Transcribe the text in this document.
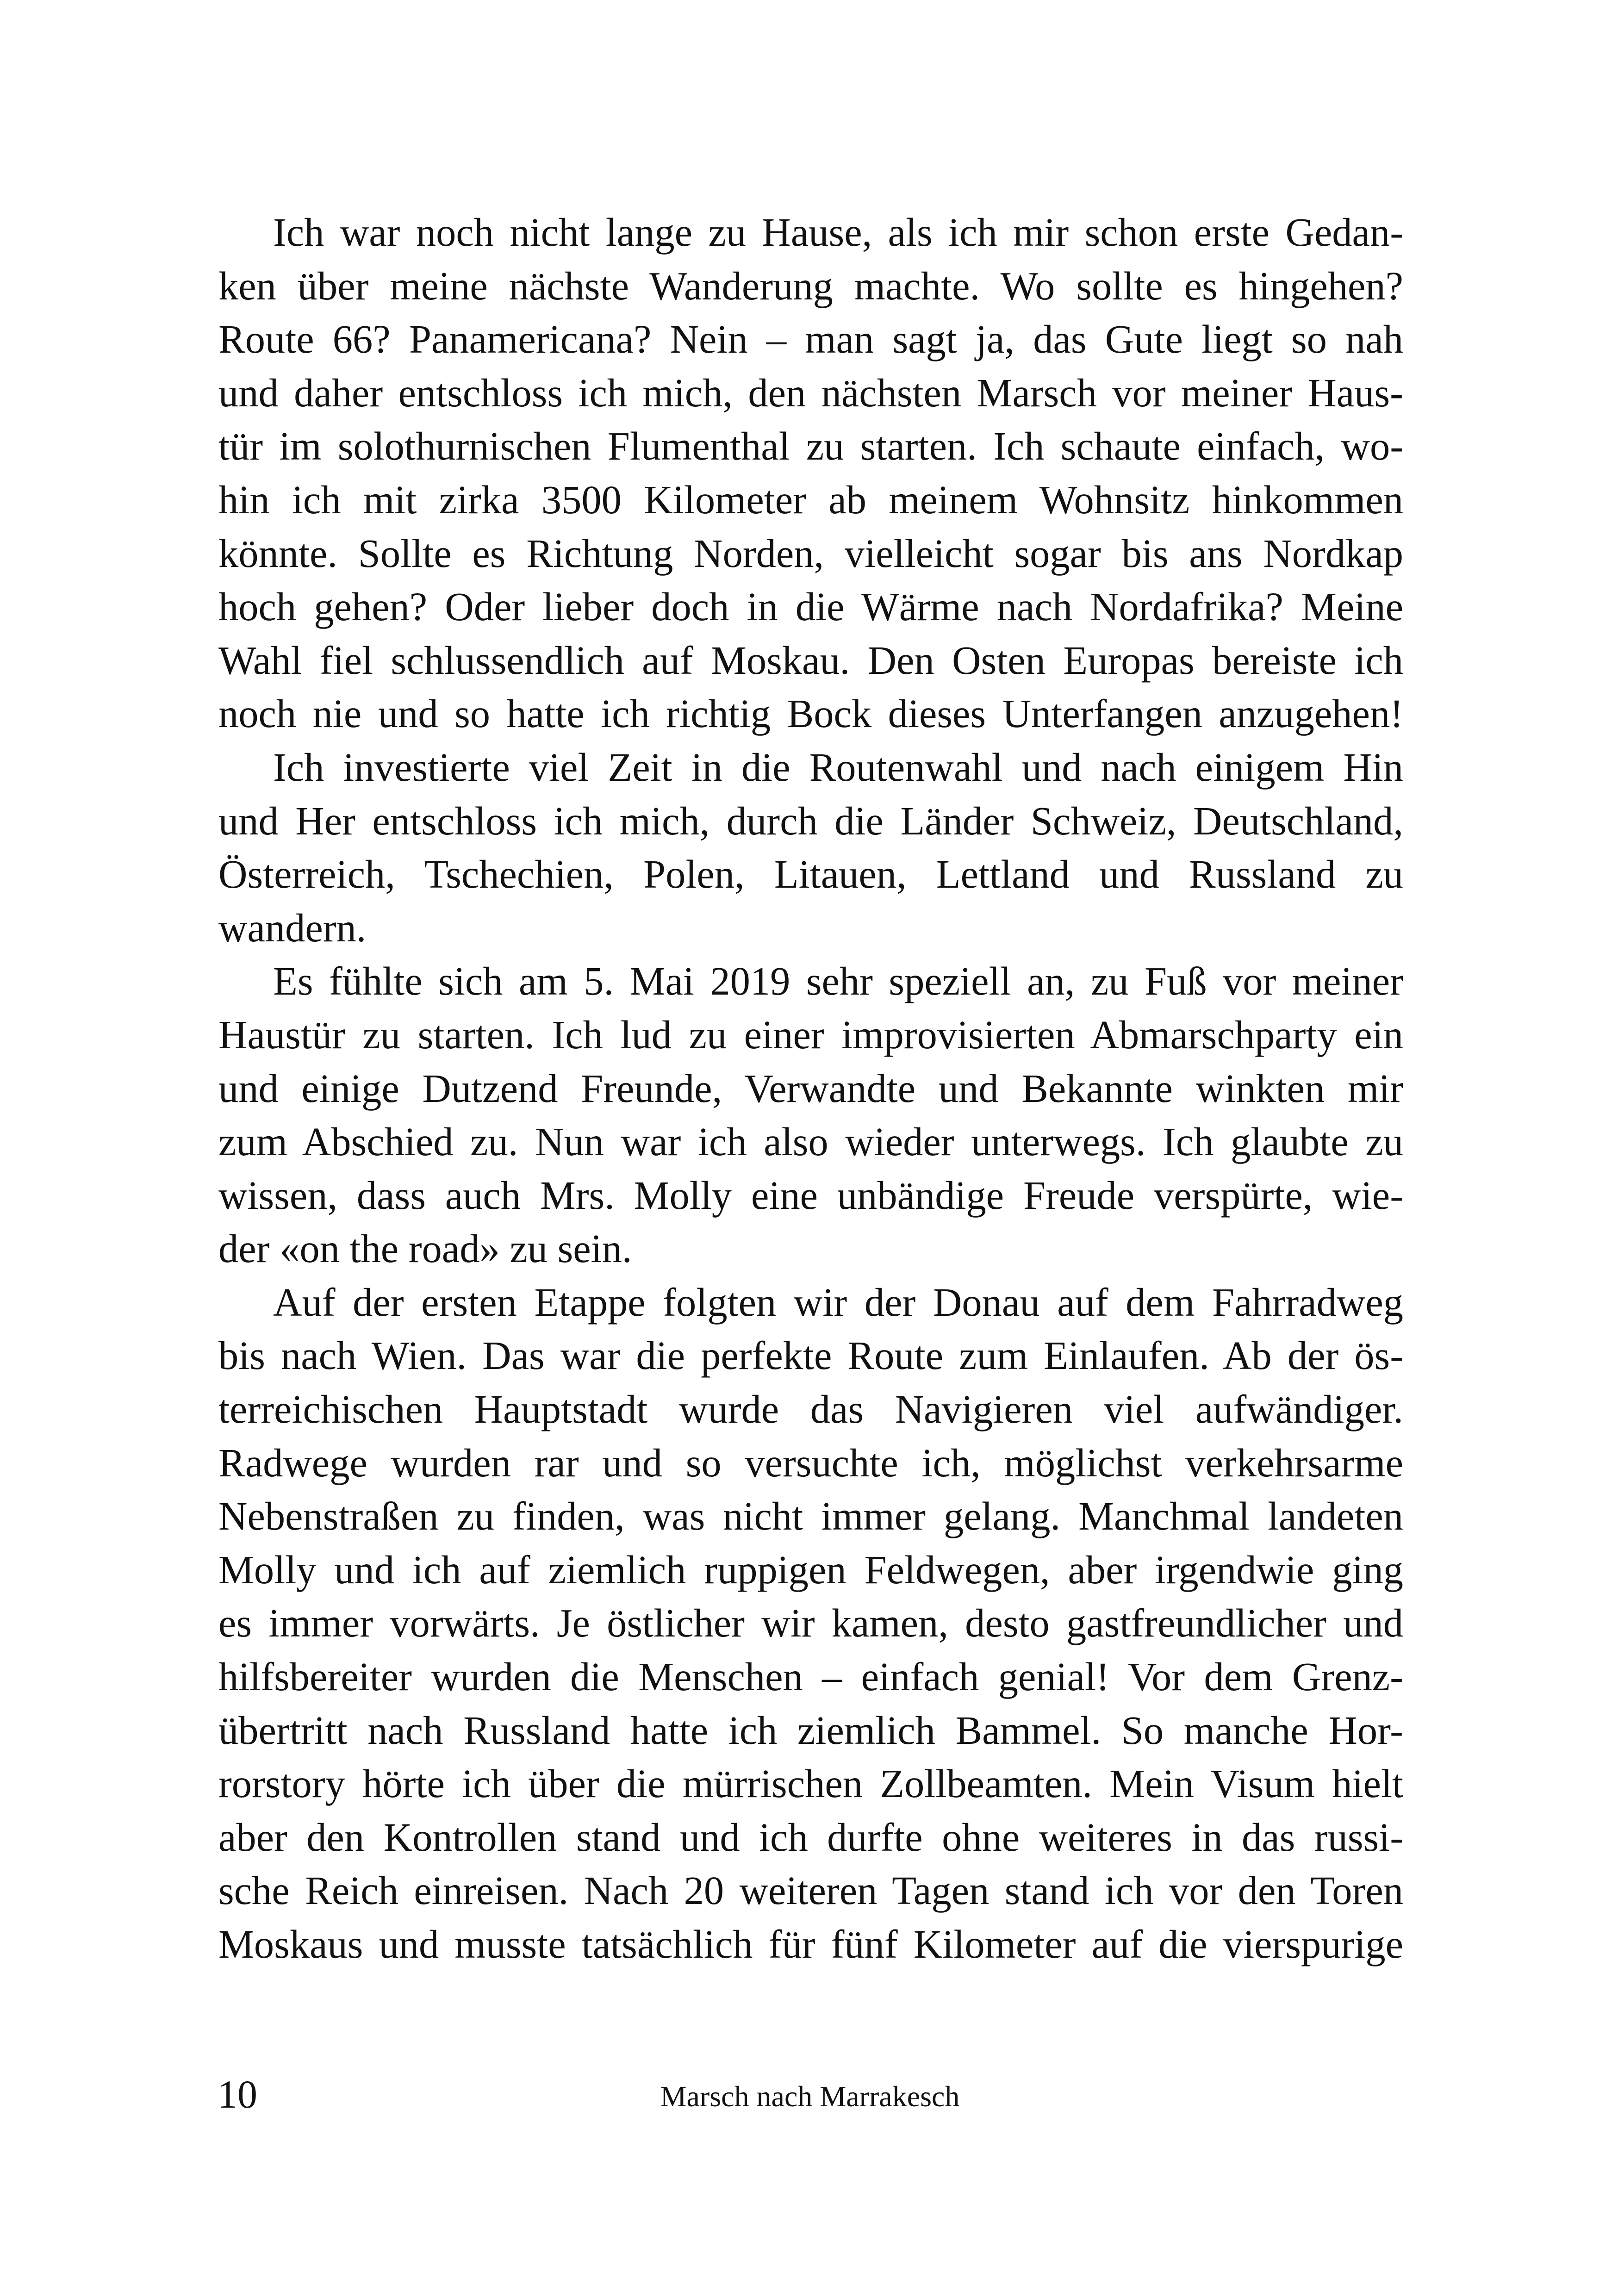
Ich war noch nicht lange zu Hause, als ich mir schon erste Gedan-
ken über meine nächste Wanderung machte. Wo sollte es hingehen?
Route 66? Panamericana? Nein – man sagt ja, das Gute liegt so nah
und daher entschloss ich mich, den nächsten Marsch vor meiner Haus-
tür im solothurnischen Flumenthal zu starten. Ich schaute einfach, wo-
hin ich mit zirka 3500 Kilometer ab meinem Wohnsitz hinkommen
könnte. Sollte es Richtung Norden, vielleicht sogar bis ans Nordkap
hoch gehen? Oder lieber doch in die Wärme nach Nordafrika? Meine
Wahl fiel schlussendlich auf Moskau. Den Osten Europas bereiste ich
noch nie und so hatte ich richtig Bock dieses Unterfangen anzugehen!
Ich investierte viel Zeit in die Routenwahl und nach einigem Hin
und Her entschloss ich mich, durch die Länder Schweiz, Deutschland,
Österreich, Tschechien, Polen, Litauen, Lettland und Russland zu
wandern.
Es fühlte sich am 5. Mai 2019 sehr speziell an, zu Fuß vor meiner
Haustür zu starten. Ich lud zu einer improvisierten Abmarschparty ein
und einige Dutzend Freunde, Verwandte und Bekannte winkten mir
zum Abschied zu. Nun war ich also wieder unterwegs. Ich glaubte zu
wissen, dass auch Mrs. Molly eine unbändige Freude verspürte, wie-
der «on the road» zu sein.
Auf der ersten Etappe folgten wir der Donau auf dem Fahrradweg
bis nach Wien. Das war die perfekte Route zum Einlaufen. Ab der ös-
terreichischen Hauptstadt wurde das Navigieren viel aufwändiger.
Radwege wurden rar und so versuchte ich, möglichst verkehrsarme
Nebenstraßen zu finden, was nicht immer gelang. Manchmal landeten
Molly und ich auf ziemlich ruppigen Feldwegen, aber irgendwie ging
es immer vorwärts. Je östlicher wir kamen, desto gastfreundlicher und
hilfsbereiter wurden die Menschen – einfach genial! Vor dem Grenz-
übertritt nach Russland hatte ich ziemlich Bammel. So manche Hor-
rorstory hörte ich über die mürrischen Zollbeamten. Mein Visum hielt
aber den Kontrollen stand und ich durfte ohne weiteres in das russi-
sche Reich einreisen. Nach 20 weiteren Tagen stand ich vor den Toren
Moskaus und musste tatsächlich für fünf Kilometer auf die vierspurige
10	Marsch nach Marrakesch
